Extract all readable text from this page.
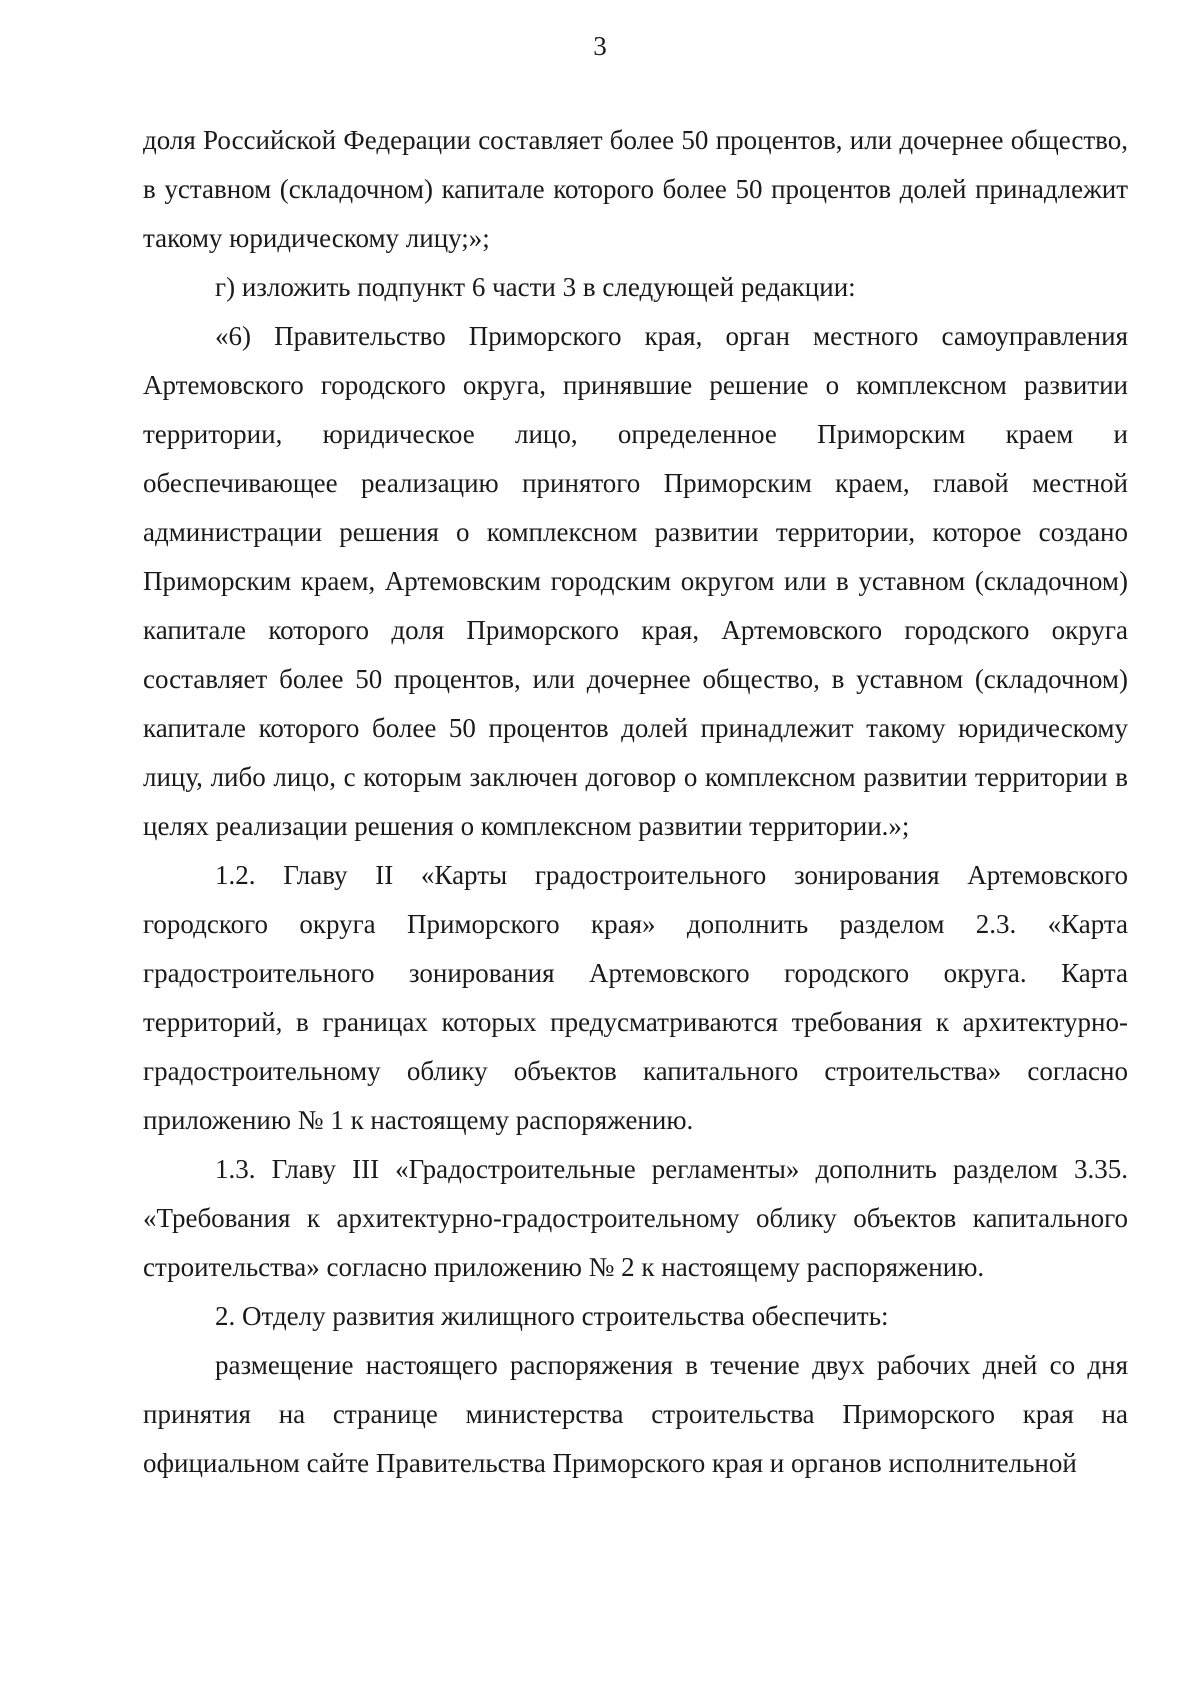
3

доля Российской Федерации составляет более 50 процентов, или дочернее общество, в уставном (складочном) капитале которого более 50 процентов долей принадлежит такому юридическому лицу;»;

г) изложить подпункт 6 части 3 в следующей редакции:

«6) Правительство Приморского края, орган местного самоуправления Артемовского городского округа, принявшие решение о комплексном развитии территории, юридическое лицо, определенное Приморским краем и обеспечивающее реализацию принятого Приморским краем, главой местной администрации решения о комплексном развитии территории, которое создано Приморским краем, Артемовским городским округом или в уставном (складочном) капитале которого доля Приморского края, Артемовского городского округа составляет более 50 процентов, или дочернее общество, в уставном (складочном) капитале которого более 50 процентов долей принадлежит такому юридическому лицу, либо лицо, с которым заключен договор о комплексном развитии территории в целях реализации решения о комплексном развитии территории.»;

1.2. Главу II «Карты градостроительного зонирования Артемовского городского округа Приморского края» дополнить разделом 2.3. «Карта градостроительного зонирования Артемовского городского округа. Карта территорий, в границах которых предусматриваются требования к архитектурно-градостроительному облику объектов капитального строительства» согласно приложению № 1 к настоящему распоряжению.

1.3. Главу III «Градостроительные регламенты» дополнить разделом 3.35. «Требования к архитектурно-градостроительному облику объектов капитального строительства» согласно приложению № 2 к настоящему распоряжению.

2. Отделу развития жилищного строительства обеспечить:

размещение настоящего распоряжения в течение двух рабочих дней со дня принятия на странице министерства строительства Приморского края на официальном сайте Правительства Приморского края и органов исполнительной
